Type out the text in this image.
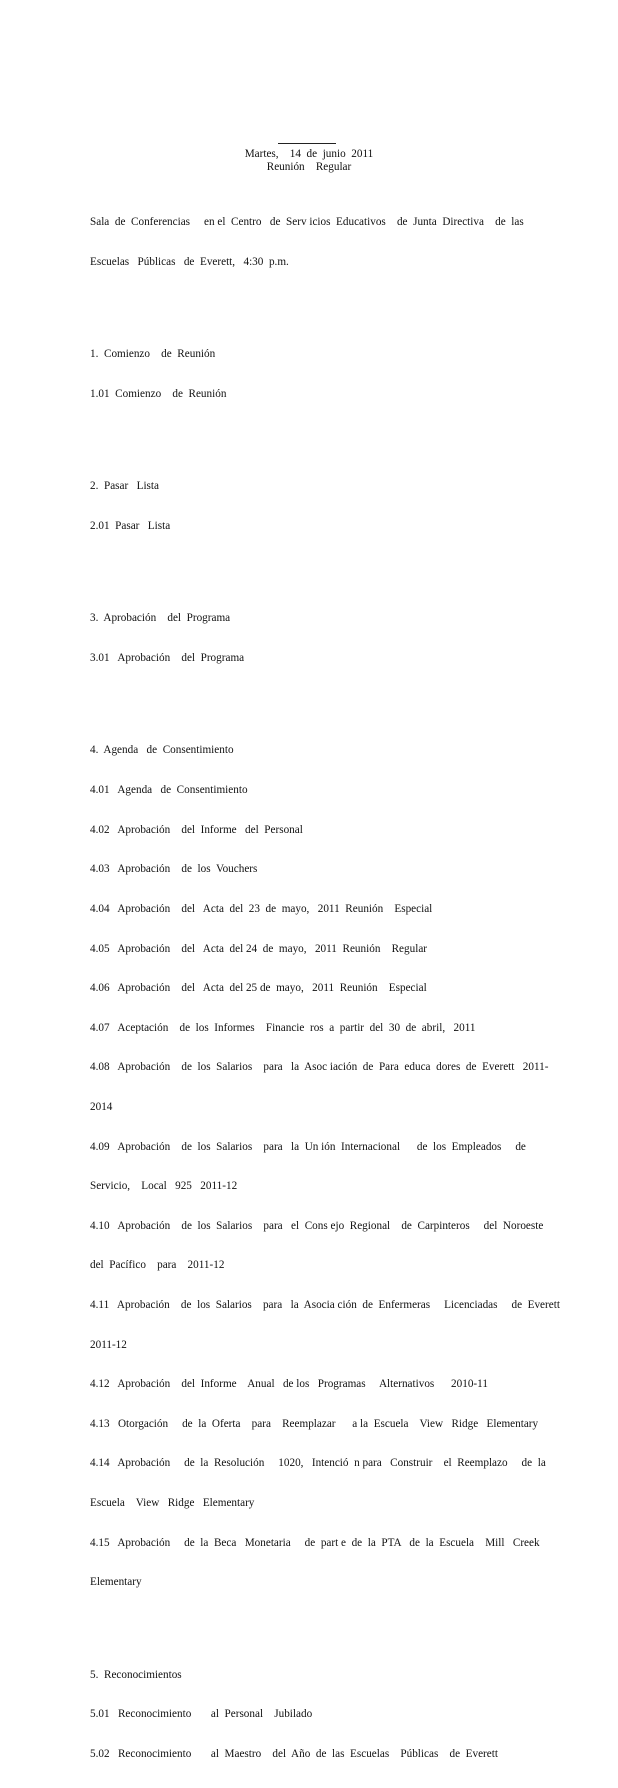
Martes,    14  de  junio  2011
Reunión    Regular

Sala  de  Conferencias     en el  Centro   de  Serv icios  Educativos    de  Junta  Directiva    de  las

Escuelas   Públicas   de  Everett,   4:30  p.m.

1.  Comienzo    de  Reunión

1.01  Comienzo    de  Reunión

2.  Pasar   Lista

2.01  Pasar   Lista

3.  Aprobación    del  Programa

3.01   Aprobación    del  Programa

4.  Agenda   de  Consentimiento

4.01   Agenda   de  Consentimiento

4.02   Aprobación    del  Informe   del  Personal

4.03   Aprobación    de  los  Vouchers

4.04   Aprobación    del   Acta  del  23  de  mayo,   2011  Reunión    Especial

4.05   Aprobación    del   Acta  del 24  de  mayo,   2011  Reunión    Regular

4.06   Aprobación    del   Acta  del 25 de  mayo,   2011  Reunión    Especial

4.07   Aceptación    de  los  Informes    Financie  ros  a  partir  del  30  de  abril,   2011

4.08   Aprobación    de  los  Salarios    para   la  Asoc iación  de  Para  educa  dores  de  Everett   2011-

2014

4.09   Aprobación    de  los  Salarios    para   la  Un ión  Internacional      de  los  Empleados     de

Servicio,    Local   925   2011-12

4.10   Aprobación    de  los  Salarios    para   el  Cons ejo  Regional    de  Carpinteros     del  Noroeste

del  Pacífico    para    2011-12

4.11   Aprobación    de  los  Salarios    para   la  Asocia ción  de  Enfermeras     Licenciadas     de  Everett

2011-12

4.12   Aprobación    del  Informe    Anual   de los   Programas     Alternativos      2010-11

4.13   Otorgación     de  la  Oferta    para    Reemplazar      a la  Escuela    View   Ridge   Elementary

4.14   Aprobación     de  la  Resolución     1020,   Intenció  n para   Construir    el  Reemplazo     de  la

Escuela    View   Ridge   Elementary

4.15   Aprobación     de  la  Beca   Monetaria     de  part e  de  la  PTA   de  la  Escuela    Mill   Creek

Elementary

5.  Reconocimientos

5.01   Reconocimiento       al  Personal    Jubilado

5.02   Reconocimiento       al  Maestro    del  Año  de  las  Escuelas    Públicas    de  Everett
